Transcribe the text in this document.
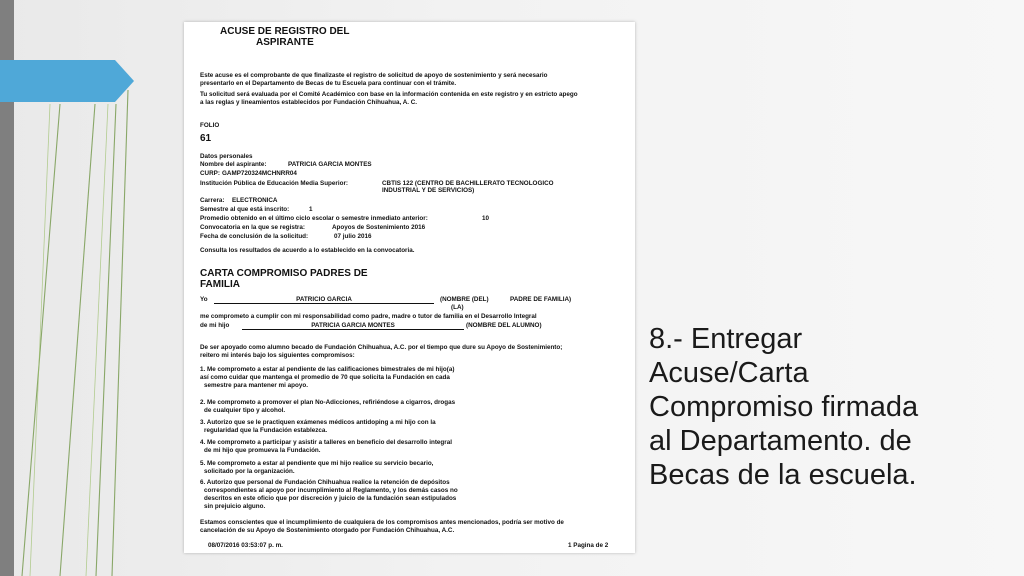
ACUSE DE REGISTRO DEL
ASPIRANTE
Este acuse es el comprobante de que finalizaste el registro de solicitud de apoyo de sostenimiento y será necesario
presentarlo en el Departamento de Becas de tu Escuela para continuar con el trámite.
Tu solicitud será evaluada por el Comité Académico con base en la información contenida en este registro y en estricto apego
a las reglas y lineamientos establecidos por Fundación Chihuahua, A. C.
FOLIO
61
Datos personales
Nombre del aspirante:	PATRICIA GARCIA MONTES
CURP: GAMP720324MCHNRR04
Institución Pública de Educación Media Superior:	CBTIS 122 (CENTRO DE BACHILLERATO TECNOLOGICO
INDUSTRIAL Y DE SERVICIOS)
Carrera: ELECTRONICA
Semestre al que está inscrito:	1
Promedio obtenido en el último ciclo escolar o semestre inmediato anterior:	10
Convocatoria en la que se registra:	Apoyos de Sostenimiento 2016
Fecha de conclusión de la solicitud:	07 julio 2016
Consulta los resultados de acuerdo a lo establecido en la convocatoria.
CARTA COMPROMISO PADRES DE
FAMILIA
Yo	PATRICIO GARCIA	(NOMBRE (DEL)
(LA)
PADRE DE FAMILIA)
me comprometo a cumplir con mi responsabilidad como padre, madre o tutor de familia en el Desarrollo Integral
de mi hijo	PATRICIA GARCIA MONTES	(NOMBRE DEL ALUMNO)
De ser apoyado como alumno becado de Fundación Chihuahua, A.C. por el tiempo que dure su Apoyo de Sostenimiento;
reitero mi interés bajo los siguientes compromisos:
1. Me comprometo a estar al pendiente de las calificaciones bimestrales de mi hijo(a)
así como cuidar que mantenga el promedio de 70 que solicita la Fundación en cada
semestre para mantener mi apoyo.
2. Me comprometo a promover el plan No-Adicciones, refiriéndose a cigarros, drogas
de cualquier tipo y alcohol.
3. Autorizo que se le practiquen exámenes médicos antidoping a mi hijo con la
regularidad que la Fundación establezca.
4. Me comprometo a participar y asistir a talleres en beneficio del desarrollo integral
de mi hijo que promueva la Fundación.
5. Me comprometo a estar al pendiente que mi hijo realice su servicio becario,
solicitado por la organización.
6. Autorizo que personal de Fundación Chihuahua realice la retención de depósitos
correspondientes al apoyo por incumplimiento al Reglamento, y los demás casos no
descritos en este oficio que por discreción y juicio de la fundación sean estipulados
sin prejuicio alguno.
Estamos conscientes que el incumplimiento de cualquiera de los compromisos antes mencionados, podría ser motivo de
cancelación de su Apoyo de Sostenimiento otorgado por Fundación Chihuahua, A.C.
08/07/2016 03:53:07 p. m.	1 Pagina de 2
8.- Entregar
Acuse/Carta
Compromiso firmada
al Departamento. de
Becas de la escuela.
